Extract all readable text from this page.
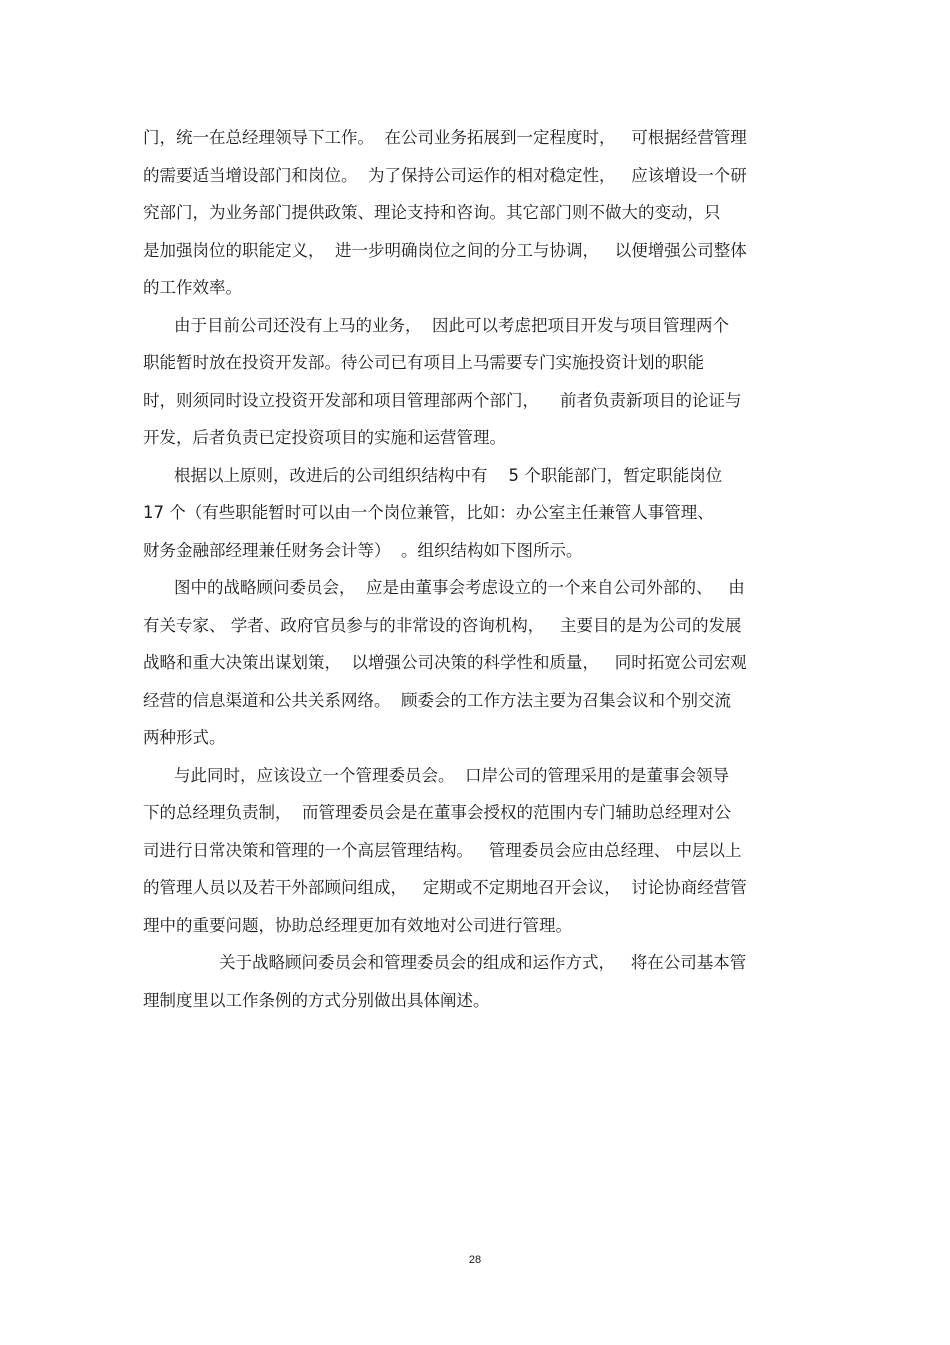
门，统一在总经理领导下工作。  在公司业务拓展到一定程度时，   可根据经营管理
的需要适当增设部门和岗位。  为了保持公司运作的相对稳定性，   应该增设一个研
究部门，为业务部门提供政策、理论支持和咨询。其它部门则不做大的变动，只
是加强岗位的职能定义，  进一步明确岗位之间的分工与协调，   以便增强公司整体
的工作效率。
由于目前公司还没有上马的业务，  因此可以考虑把项目开发与项目管理两个
职能暂时放在投资开发部。待公司已有项目上马需要专门实施投资计划的职能
时，则须同时设立投资开发部和项目管理部两个部门，    前者负责新项目的论证与
开发，后者负责已定投资项目的实施和运营管理。
根据以上原则，改进后的公司组织结构中有    5 个职能部门，暂定职能岗位
17 个（有些职能暂时可以由一个岗位兼管，比如：办公室主任兼管人事管理、
财务金融部经理兼任财务会计等）  。组织结构如下图所示。
图中的战略顾问委员会，  应是由董事会考虑设立的一个来自公司外部的、   由
有关专家、 学者、政府官员参与的非常设的咨询机构，   主要目的是为公司的发展
战略和重大决策出谋划策，  以增强公司决策的科学性和质量，   同时拓宽公司宏观
经营的信息渠道和公共关系网络。  顾委会的工作方法主要为召集会议和个别交流
两种形式。
与此同时，应该设立一个管理委员会。  口岸公司的管理采用的是董事会领导
下的总经理负责制，  而管理委员会是在董事会授权的范围内专门辅助总经理对公
司进行日常决策和管理的一个高层管理结构。   管理委员会应由总经理、 中层以上
的管理人员以及若干外部顾问组成，   定期或不定期地召开会议，  讨论协商经营管
理中的重要问题，协助总经理更加有效地对公司进行管理。
关于战略顾问委员会和管理委员会的组成和运作方式，   将在公司基本管
理制度里以工作条例的方式分别做出具体阐述。
28
